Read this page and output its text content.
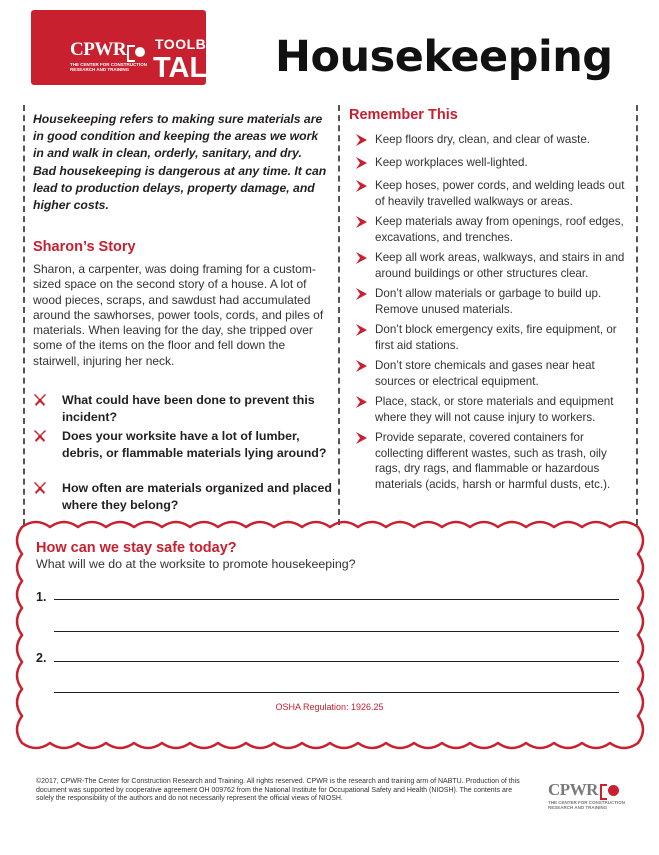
CPWR
THE CENTER FOR CONSTRUCTION RESEARCH AND TRAINING
TOOLBOX
TALK Housekeeping
Housekeeping refers to making sure materials are in good condition and keeping the areas we work in and walk in clean, orderly, sanitary, and dry. Bad housekeeping is dangerous at any time. It can lead to production delays, property damage, and higher costs.
Sharon’s Story
Sharon, a carpenter, was doing framing for a custom-sized space on the second story of a house. A lot of wood pieces, scraps, and sawdust had accumulated around the sawhorses, power tools, cords, and piles of materials. When leaving for the day, she tripped over some of the items on the floor and fell down the stairwell, injuring her neck.
What could have been done to prevent this incident?
Does your worksite have a lot of lumber, debris, or flammable materials lying around?
How often are materials organized and placed where they belong?
Remember This
Keep floors dry, clean, and clear of waste.
Keep workplaces well-lighted.
Keep hoses, power cords, and welding leads out of heavily travelled walkways or areas.
Keep materials away from openings, roof edges, excavations, and trenches.
Keep all work areas, walkways, and stairs in and around buildings or other structures clear.
Don’t allow materials or garbage to build up. Remove unused materials.
Don’t block emergency exits, fire equipment, or first aid stations.
Don’t store chemicals and gases near heat sources or electrical equipment.
Place, stack, or store materials and equipment where they will not cause injury to workers.
Provide separate, covered containers for collecting different wastes, such as trash, oily rags, dry rags, and flammable or hazardous materials (acids, harsh or harmful dusts, etc.).
How can we stay safe today?
What will we do at the worksite to promote housekeeping?
1.
2.
OSHA Regulation: 1926.25
©2017, CPWR-The Center for Construction Research and Training. All rights reserved. CPWR is the research and training arm of NABTU. Production of this document was supported by cooperative agreement OH 009762 from the National Institute for Occupational Safety and Health (NIOSH). The contents are solely the responsibility of the authors and do not necessarily represent the official views of NIOSH.	CPWR
THE CENTER FOR CONSTRUCTION RESEARCH AND TRAINING
